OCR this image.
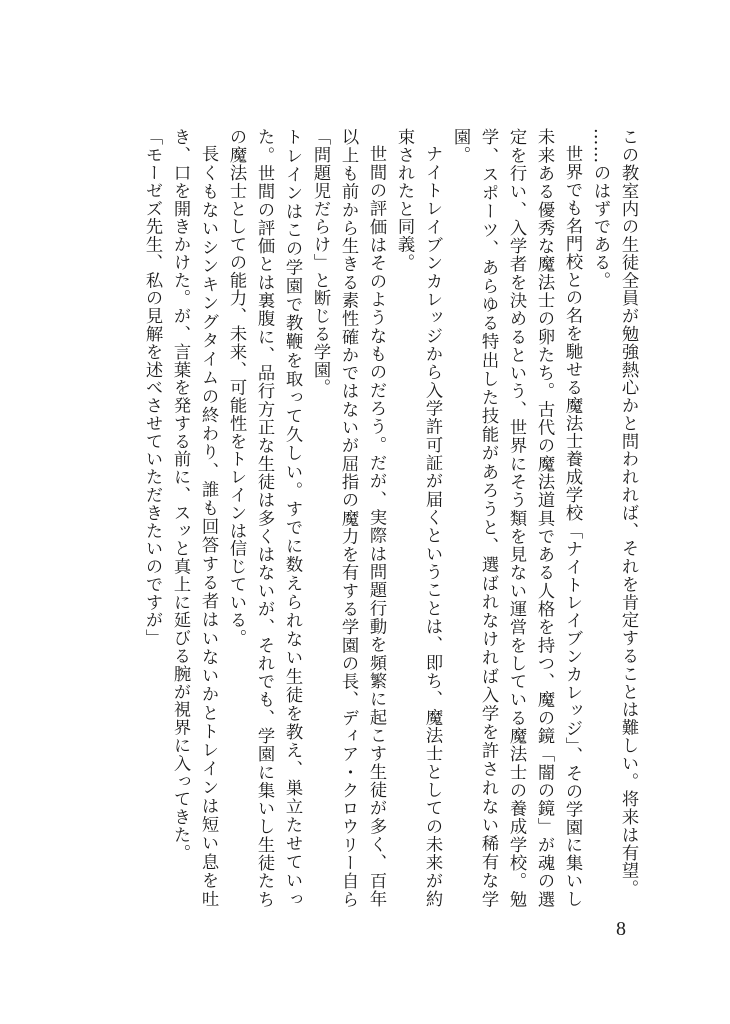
この教室内の生徒全員が勉強熱心かと問われれば、それを肯定することは難しい。将来は有望。

……のはずである。

世界でも名門校との名を馳せる魔法士養成学校「ナイトレイブンカレッジ」、その学園に集いし未来ある優秀な魔法士の卵たち。古代の魔法道具である人格を持つ、魔の鏡「闇の鏡」が魂の選定を行い、入学者を決めるという、世界にそう類を見ない運営をしている魔法士の養成学校。勉学、スポーツ、あらゆる特出した技能があろうと、選ばれなければ入学を許されない稀有な学園。

ナイトレイブンカレッジから入学許可証が届くということは、即ち、魔法士としての未来が約束されたと同義。

世間の評価はそのようなものだろう。だが、実際は問題行動を頻繁に起こす生徒が多く、百年以上も前から生きる素性確かではないが屈指の魔力を有する学園の長、ディア・クロウリー自ら「問題児だらけ」と断じる学園。

トレインはこの学園で教鞭を取って久しい。すでに数えられない生徒を教え、巣立たせていった。世間の評価とは裏腹に、品行方正な生徒は多くはないが、それでも、学園に集いし生徒たちの魔法士としての能力、未来、可能性をトレインは信じている。

長くもないシンキングタイムの終わり、誰も回答する者はいないかとトレインは短い息を吐き、口を開きかけた。が、言葉を発する前に、スッと真上に延びる腕が視界に入ってきた。

「モーゼズ先生、私の見解を述べさせていただきたいのですが」

8
